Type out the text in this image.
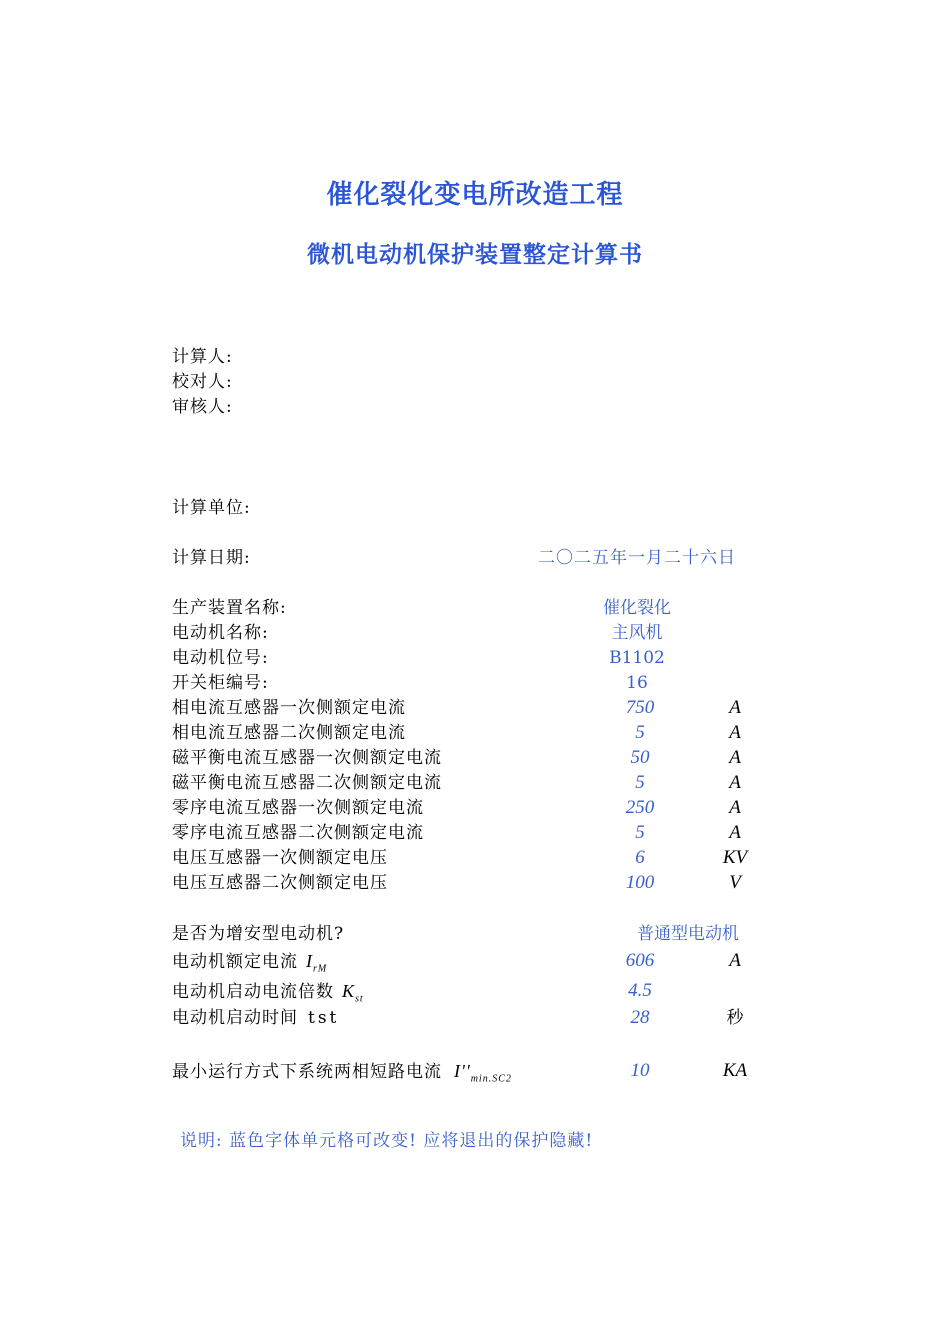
催化裂化变电所改造工程
微机电动机保护装置整定计算书
计算人:
校对人:
审核人:
计算单位:
计算日期:	二〇二五年一月二十六日
生产装置名称:	催化裂化
电动机名称:	主风机
电动机位号:	B1102
开关柜编号:	16
相电流互感器一次侧额定电流	750	A
相电流互感器二次侧额定电流	5	A
磁平衡电流互感器一次侧额定电流	50	A
磁平衡电流互感器二次侧额定电流	5	A
零序电流互感器一次侧额定电流	250	A
零序电流互感器二次侧额定电流	5	A
电压互感器一次侧额定电压	6	KV
电压互感器二次侧额定电压	100	V
是否为增安型电动机?	普通型电动机
电动机额定电流 $I_{rM}$	606	A
电动机启动电流倍数 $K_{st}$	4.5
电动机启动时间 tst	28	秒
最小运行方式下系统两相短路电流 $I''_{min.SC2}$	10	KA
说明: 蓝色字体单元格可改变! 应将退出的保护隐藏!
